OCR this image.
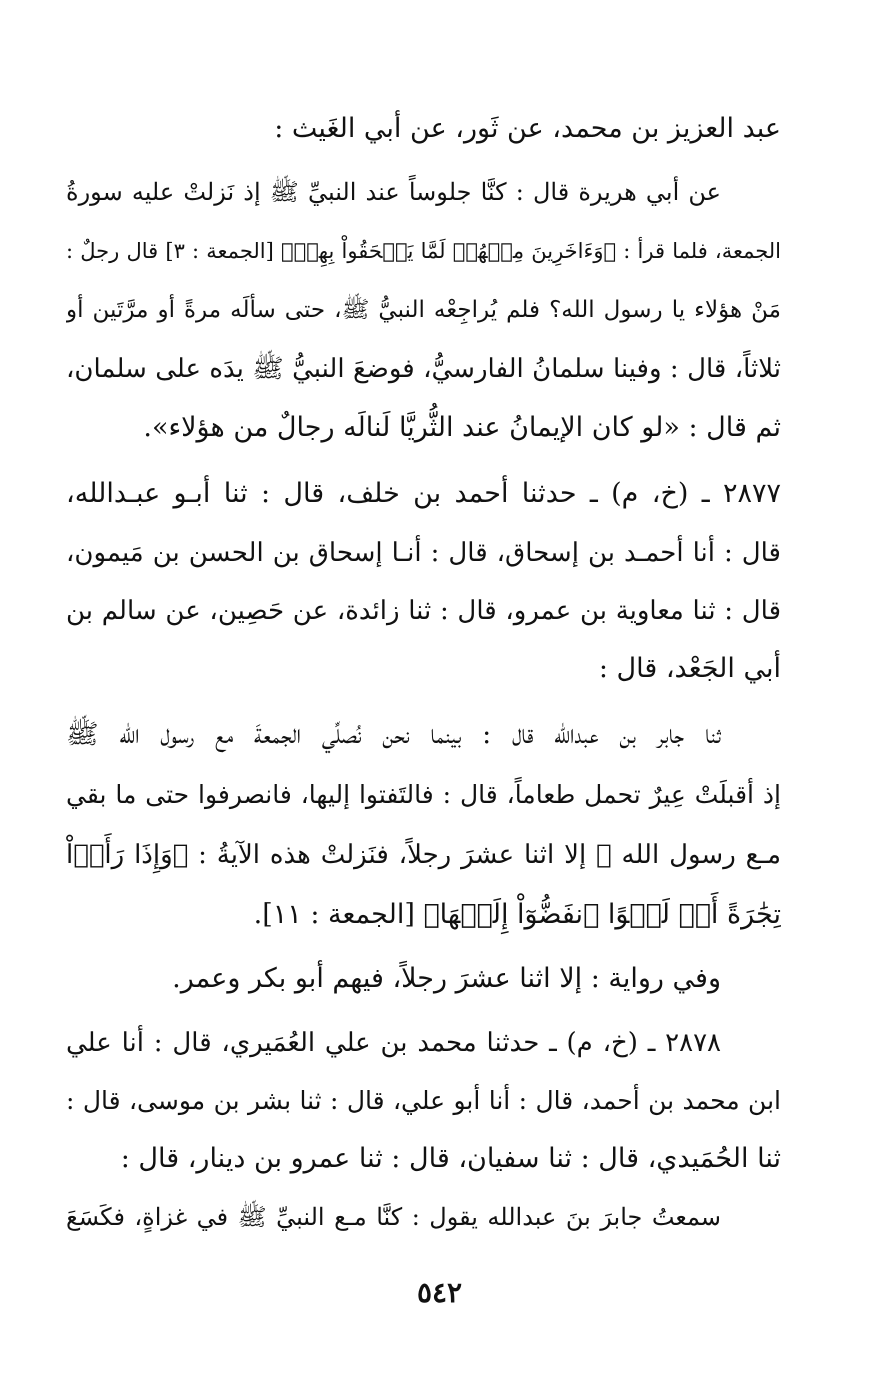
عبد العزيز بن محمد، عن ثَور، عن أبي الغَيث :
عن أبي هريرة قال : كنَّا جلوساً عند النبيِّ ﷺ إذ نَزلتْ عليه سورةُ
الجمعة، فلما قرأ : ﴿وَءَاخَرِينَ مِنۡهُمۡ لَمَّا يَلۡحَقُواْ بِهِمۡ﴾ [الجمعة : ٣] قال رجلٌ :
مَنْ هؤلاء يا رسول الله؟ فلم يُراجِعْه النبيُّ ﷺ، حتى سألَه مرةً أو مرَّتَين أو
ثلاثاً، قال : وفينا سلمانُ الفارسيُّ، فوضعَ النبيُّ ﷺ يدَه على سلمان،
ثم قال : «لو كان الإيمانُ عند الثُّريَّا لَنالَه رجالٌ من هؤلاء».
٢٨٧٧ ـ (خ، م) ـ حدثنا أحمد بن خلف، قال : ثنا أبـو عبـدالله،
قال : أنا أحمـد بن إسحاق، قال : أنـا إسحاق بن الحسن بن مَيمون،
قال : ثنا معاوية بن عمرو، قال : ثنا زائدة، عن حَصِين، عن سالم بن
أبي الجَعْد، قال :
ثنا جابر بن عبدالله قال : بينما نحن نُصلِّي الجمعةَ مع رسول الله ﷺ
إذ أقبلَتْ عِيرٌ تحمل طعاماً، قال : فالتَفتوا إليها، فانصرفوا حتى ما بقي
مـع رسول الله ﷺ إلا اثنا عشرَ رجلاً، فنَزلتْ هذه الآيةُ : ﴿وَإِذَا رَأَوۡاْ
تِجَٰرَةً أَوۡ لَهۡوًا ٱنفَضُّوٓاْ إِلَيۡهَا﴾ [الجمعة : ١١].
وفي رواية : إلا اثنا عشرَ رجلاً، فيهم أبو بكر وعمر.
٢٨٧٨ ـ (خ، م) ـ حدثنا محمد بن علي العُمَيري، قال : أنا علي
ابن محمد بن أحمد، قال : أنا أبو علي، قال : ثنا بشر بن موسى، قال :
ثنا الحُمَيدي، قال : ثنا سفيان، قال : ثنا عمرو بن دينار، قال :
سمعتُ جابرَ بنَ عبدالله يقول : كنَّا مـع النبيِّ ﷺ في غزاةٍ، فكَسَعَ
٥٤٢
